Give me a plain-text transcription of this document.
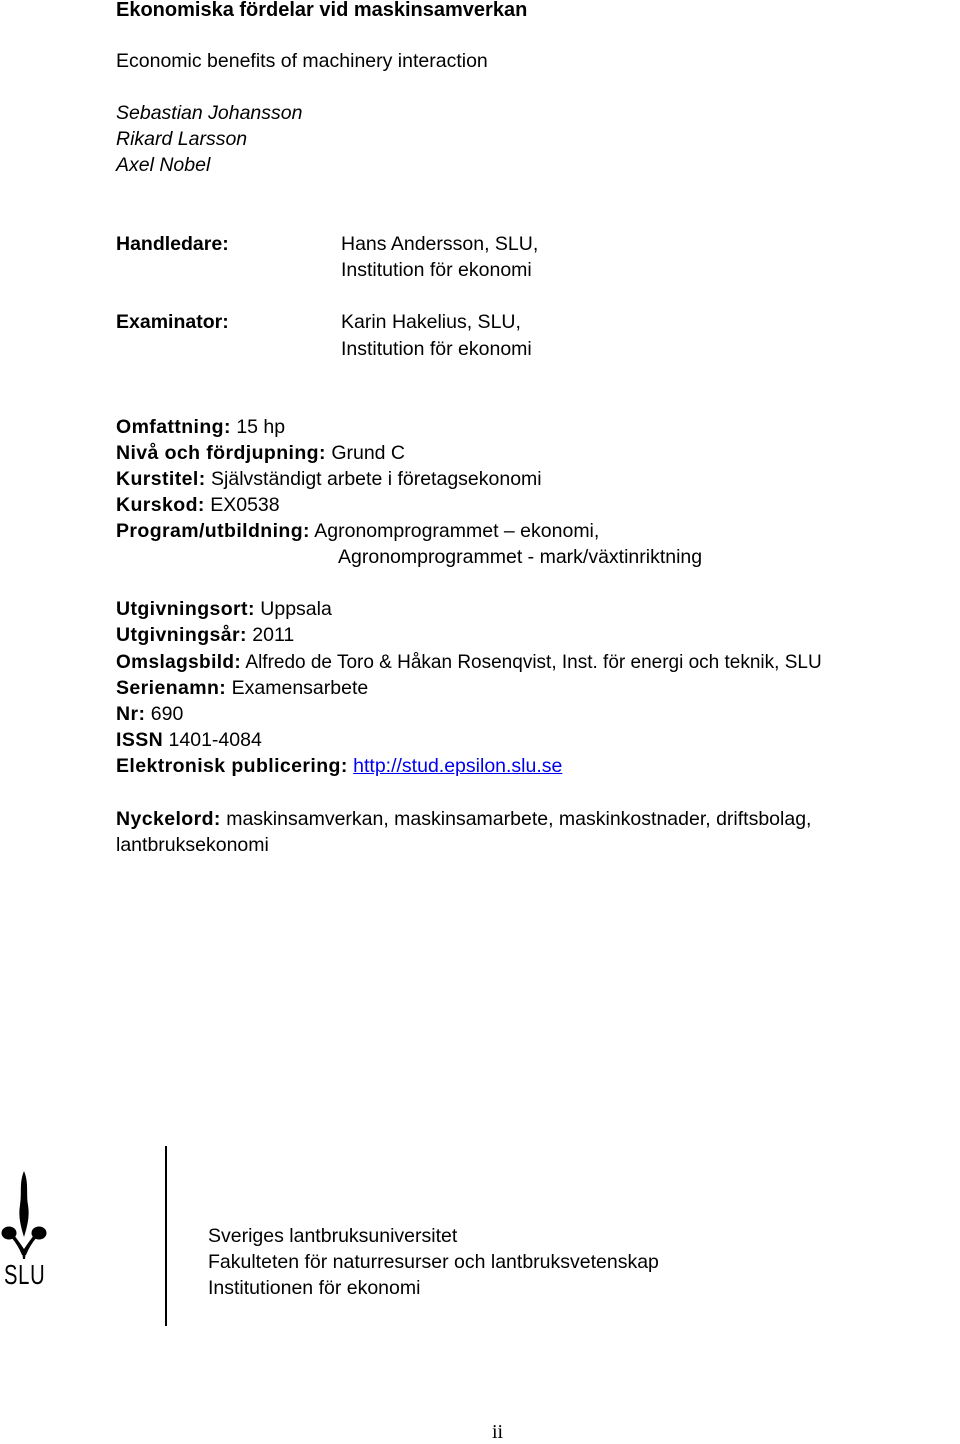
Ekonomiska fördelar vid maskinsamverkan
Economic benefits of machinery interaction
Sebastian Johansson
Rikard Larsson
Axel Nobel
Handledare:	Hans Andersson, SLU,
Institution för ekonomi
Examinator:	Karin Hakelius, SLU,
Institution för ekonomi
Omfattning: 15 hp
Nivå och fördjupning: Grund C
Kurstitel: Självständigt arbete i företagsekonomi
Kurskod: EX0538
Program/utbildning: Agronomprogrammet – ekonomi,
Agronomprogrammet - mark/växtinriktning
Utgivningsort: Uppsala
Utgivningsår: 2011
Omslagsbild: Alfredo de Toro & Håkan Rosenqvist, Inst. för energi och teknik, SLU
Serienamn: Examensarbete
Nr: 690
ISSN 1401-4084
Elektronisk publicering: http://stud.epsilon.slu.se
Nyckelord: maskinsamverkan, maskinsamarbete, maskinkostnader, driftsbolag,
lantbruksekonomi
SLU
Sveriges lantbruksuniversitet
Fakulteten för naturresurser och lantbruksvetenskap
Institutionen för ekonomi
ii
